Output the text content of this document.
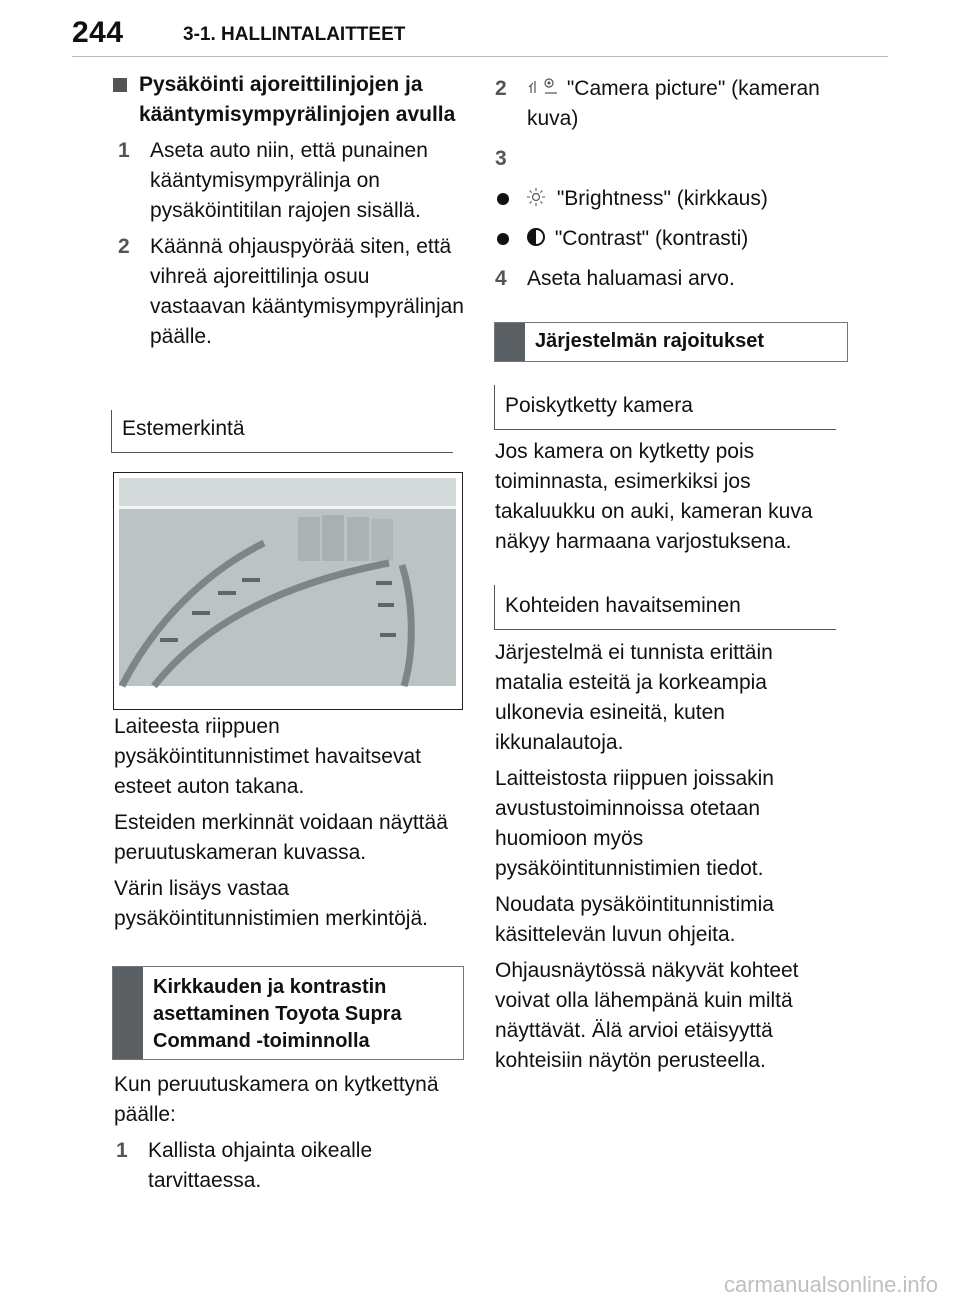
244	3-1. HALLINTALAITTEET
Pysäköinti ajoreittilinjojen ja kääntymisympyrälinjojen avulla
1 Aseta auto niin, että punainen kääntymisympyrälinja on pysäköintitilan rajojen sisällä.
2 Käännä ohjauspyörää siten, että vihreä ajoreittilinja osuu vastaavan kääntymisympyrälinjan päälle.
Estemerkintä
Laiteesta riippuen pysäköintitunnistimet havaitsevat esteet auton takana.
Esteiden merkinnät voidaan näyttää peruutuskameran kuvassa.
Värin lisäys vastaa pysäköintitunnistimien merkintöjä.
Kirkkauden ja kontrastin asettaminen Toyota Supra Command -toiminnolla
Kun peruutuskamera on kytkettynä päälle:
1 Kallista ohjainta oikealle tarvittaessa.
2	"Camera picture" (kameran kuva)
3
"Brightness" (kirkkaus)
"Contrast" (kontrasti)
4 Aseta haluamasi arvo.
Järjestelmän rajoitukset
Poiskytketty kamera
Jos kamera on kytketty pois toiminnasta, esimerkiksi jos takaluukku on auki, kameran kuva näkyy harmaana varjostuksena.
Kohteiden havaitseminen
Järjestelmä ei tunnista erittäin matalia esteitä ja korkeampia ulkonevia esineitä, kuten ikkunalautoja.
Laitteistosta riippuen joissakin avustustoiminnoissa otetaan huomioon myös pysäköintitunnistimien tiedot.
Noudata pysäköintitunnistimia käsittelevän luvun ohjeita.
Ohjausnäytössä näkyvät kohteet voivat olla lähempänä kuin miltä näyttävät. Älä arvioi etäisyyttä kohteisiin näytön perusteella.
carmanualsonline.info
